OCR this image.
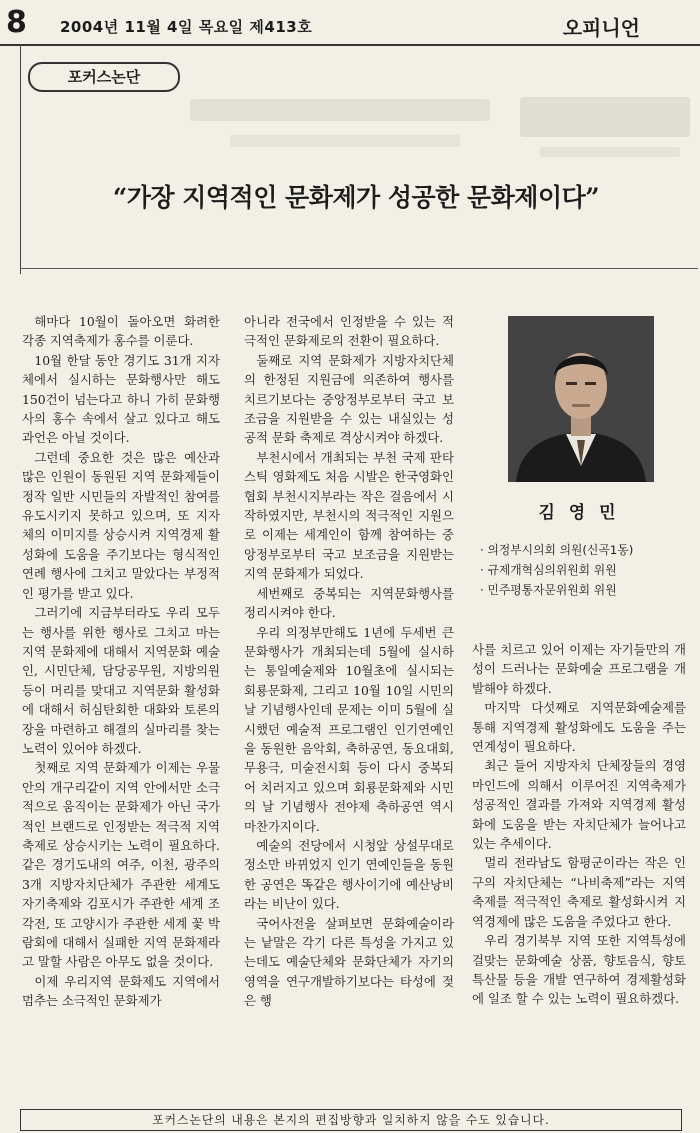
8 2004년 11월 4일 목요일 제413호	오피니언
포커스논단
“가장 지역적인 문화제가 성공한 문화제이다”

해마다 10월이 돌아오면 화려한 각종 지역축제가 홍수를 이룬다.

10월 한달 동안 경기도 31개 지자체에서 실시하는 문화행사만 해도 150건이 넘는다고 하니 가히 문화행사의 홍수 속에서 살고 있다고 해도 과언은 아닐 것이다.

그런데 중요한 것은 많은 예산과 많은 인원이 동원된 지역 문화제들이 정작 일반 시민들의 자발적인 참여를 유도시키지 못하고 있으며, 또 지자체의 이미지를 상승시켜 지역경제 활성화에 도움을 주기보다는 형식적인 연례 행사에 그치고 말았다는 부정적인 평가를 받고 있다.

그러기에 지금부터라도 우리 모두는 행사를 위한 행사로 그치고 마는 지역 문화제에 대해서 지역문화 예술인, 시민단체, 담당공무원, 지방의원 등이 머리를 맞대고 지역문화 활성화에 대해서 허심탄회한 대화와 토론의 장을 마련하고 해결의 실마리를 찾는 노력이 있어야 하겠다.

첫째로 지역 문화제가 이제는 우물 안의 개구리같이 지역 안에서만 소극적으로 움직이는 문화제가 아닌 국가적인 브랜드로 인정받는 적극적 지역축제로 상승시키는 노력이 필요하다. 같은 경기도내의 여주, 이천, 광주의 3개 지방자치단체가 주관한 세계도자기축제와 김포시가 주관한 세계 조각전, 또 고양시가 주관한 세계 꽃 박람회에 대해서 실패한 지역 문화제라고 말할 사람은 아무도 없을 것이다.

이제 우리지역 문화제도 지역에서 멈추는 소극적인 문화제가

아니라 전국에서 인정받을 수 있는 적극적인 문화제로의 전환이 필요하다.

둘째로 지역 문화제가 지방자치단체의 한정된 지원금에 의존하여 행사를 치르기보다는 중앙정부로부터 국고 보조금을 지원받을 수 있는 내실있는 성공적 문화 축제로 격상시켜야 하겠다.

부천시에서 개최되는 부천 국제 판타스틱 영화제도 처음 시발은 한국영화인협회 부천시지부라는 작은 걸음에서 시작하였지만, 부천시의 적극적인 지원으로 이제는 세계인이 함께 참여하는 중앙정부로부터 국고 보조금을 지원받는 지역 문화제가 되었다.

세번째로 중복되는 지역문화행사를 정리시켜야 한다.

우리 의정부만해도 1년에 두세번 큰 문화행사가 개최되는데 5월에 실시하는 통일예술제와 10월초에 실시되는 회룡문화제, 그리고 10월 10일 시민의 날 기념행사인데 문제는 이미 5월에 실시했던 예술적 프로그램인 인기연예인을 동원한 음악회, 축하공연, 동요대회, 무용극, 미술전시회 등이 다시 중복되어 치러지고 있으며 회룡문화제와 시민의 날 기념행사 전야제 축하공연 역시 마찬가지이다.

예술의 전당에서 시청앞 상설무대로 정소만 바뀌었지 인기 연예인들을 동원한 공연은 똑같은 행사이기에 예산낭비라는 비난이 있다.

국어사전을 살펴보면 문화예술이라는 낱말은 각기 다른 특성을 가지고 있는데도 예술단체와 문화단체가 자기의 영역을 연구개발하기보다는 타성에 젖은 행

김 영 민
· 의정부시의회 의원(신곡1동)
· 규제개혁심의위원회 위원
· 민주평통자문위원회 위원

사를 치르고 있어 이제는 자기들만의 개성이 드러나는 문화예술 프로그램을 개발해야 하겠다.

마지막 다섯째로 지역문화예술제를 통해 지역경제 활성화에도 도움을 주는 연계성이 필요하다.

최근 들어 지방자치 단체장들의 경영마인드에 의해서 이루어진 지역축제가 성공적인 결과를 가져와 지역경제 활성화에 도움을 받는 자치단체가 늘어나고 있는 추세이다.

멀리 전라남도 함평군이라는 작은 인구의 자치단체는 “나비축제”라는 지역축제를 적극적인 축제로 활성화시켜 지역경제에 많은 도움을 주었다고 한다.

우리 경기북부 지역 또한 지역특성에 걸맞는 문화예술 상품, 향토음식, 향토특산물 등을 개발 연구하여 경제활성화에 일조 할 수 있는 노력이 필요하겠다.

포커스논단의 내용은 본지의 편집방향과 일치하지 않을 수도 있습니다.
